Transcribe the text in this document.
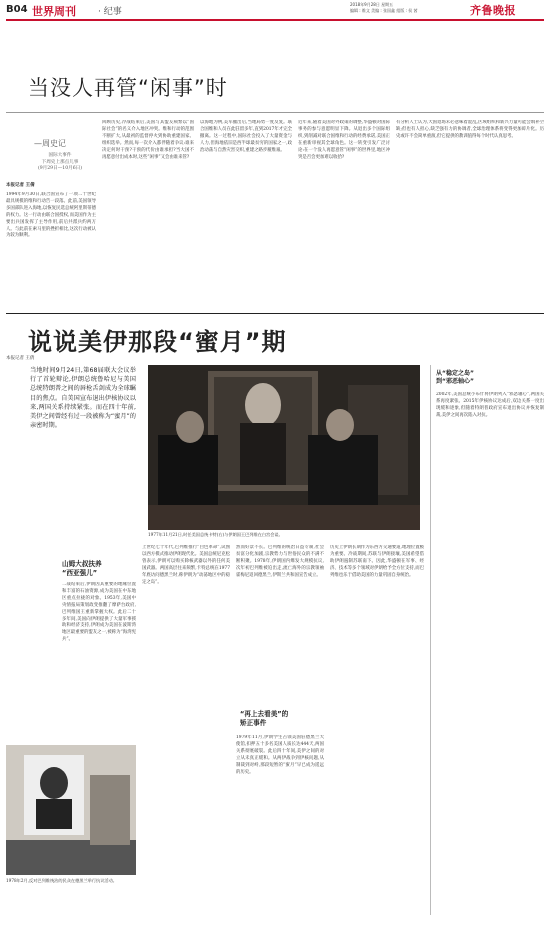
B04 世界周刊 · 纪事
2018年9月28日 星期五
编辑 : 维文 美编 : 张国鑫 组版 : 侯 茜	齐鲁晚报
当没人再管“闲事”时
—周史记
国际大事件
下周史上那点儿事
(9月29日—10月6日)
本报记者 王倩
1994年9月30日,联合国宣布了一项二十世纪最具规模的维和行动告一段落。此前,美国领导多国部队进入海地,以恢复民选总统阿里斯蒂德的权力。这一行动由联合国授权,而美国作为主要出兵国发挥了主导作用,前后共派兵约两万人。与此前在索马里的挫折相比,这次行动被认为较为顺利。
回顾历史,冷战结束后,美国与其盟友频繁以“国际社会”的名义介入地区冲突。维和行动的范围不断扩大,从最初的监督停火到协助重建国家、组织选举。然而,每一次介入都伴随着争议:谁来决定何时干预?干预的代价由谁承担?当大国不再愿意付出成本时,这些“闲事”又会由谁来管?
以海地为例,美军撤出后,当地局势一度反复。联合国维和人员在此驻留多年,直到2017年才完全撤离。这一过程中,国际社会投入了大量资金与人力,但海地依旧是西半球最贫穷的国家之一,政治动荡与自然灾害交织,重建之路步履维艰。
近年来,随着美国对外政策的调整,华盛顿对国际事务的参与意愿明显下降。从退出多个国际组织,到削减对联合国维和行动的经费承诺,美国正在重新审视其全球角色。这一转变引发广泛讨论:在一个没人再愿意管“闲事”的世界里,地区冲突是否会更加难以收拾?
有分析人士认为,大国退场未必意味着混乱,区域组织和新兴力量可能会填补空缺;但也有人担心,缺乏强有力的协调者,全球治理体系将变得更加碎片化。历史或许不会简单重演,但它提供的教训值得每个时代认真思考。
说说美伊那段“蜜月”期
本报记者 王倩
当地时间9月24日,第68届联大会议举行了首轮辩论,伊朗总统鲁哈尼与美国总统特朗普之间的唇枪舌剑成为全球瞩目的焦点。自美国宣布退出伊核协议以来,两国关系持续紧张。而在四十年前,美伊之间曾经有过一段被称为“蜜月”的亲密时期。
1977年11月21日,时任美国总统卡特(右)与伊朗国王巴列维在白宫会谈。
从“稳定之岛”
到“邪恶轴心”
山姆大叔扶养
“西亚强儿”
二战结束后,伊朗因其重要的地缘位置和丰富的石油资源,成为美国在中东地区重点拉拢的对象。1953年,美国中央情报局策划政变推翻了摩萨台政府,巴列维国王重新掌握大权。此后二十多年间,美国向伊朗提供了大量军事援助和经济支持,伊朗成为美国在波斯湾地区最重要的盟友之一,被称为“海湾宪兵”。
上世纪七十年代,巴列维推行“白色革命”,试图以西方模式推动伊朗现代化。美国总统尼克松曾表示,伊朗可以购买除核武器以外的任何美国武器。两国高层往来频繁,卡特总统在1977年底访问德黑兰时,称伊朗为“动荡地区中的稳定之岛”。
然而好景不长。巴列维的统治日益专制,社会贫富分化加剧,宗教势力与世俗民众的不满不断积聚。1978年,伊朗国内爆发大规模抗议,次年初巴列维被迫出走,流亡海外的宗教领袖霍梅尼返回德黑兰,伊斯兰共和国宣告成立。
“再上去看美”的
矫正事件
1979年11月,伊朗学生占领美国驻德黑兰大使馆,扣押五十多名美国人质长达444天,两国关系彻底破裂。此后四十年间,美伊之间的对立从未真正缓和。从两伊战争到伊核问题,从制裁到对峙,那段短暂的“蜜月”早已成为遥远的历史。
历史上伊朗长期作为东西方交通要道,地理位置极为重要。冷战期间,苏联与伊朗接壤,美国希望借助伊朗遏制苏联南下。因此,华盛顿在军事、经济、技术等多个领域对伊朗给予全方位支持,而巴列维也乐于借助美国的力量巩固自身统治。
2002年,美国总统小布什将伊朗列入“邪恶轴心”,两国关系再度紧张。2015年伊核协议达成后,双边关系一度出现缓和迹象,但随着特朗普政府宣布退出协议并恢复制裁,美伊之间再次陷入对抗。
1978年2月,反对巴列维统治的民众在德黑兰举行抗议活动。
